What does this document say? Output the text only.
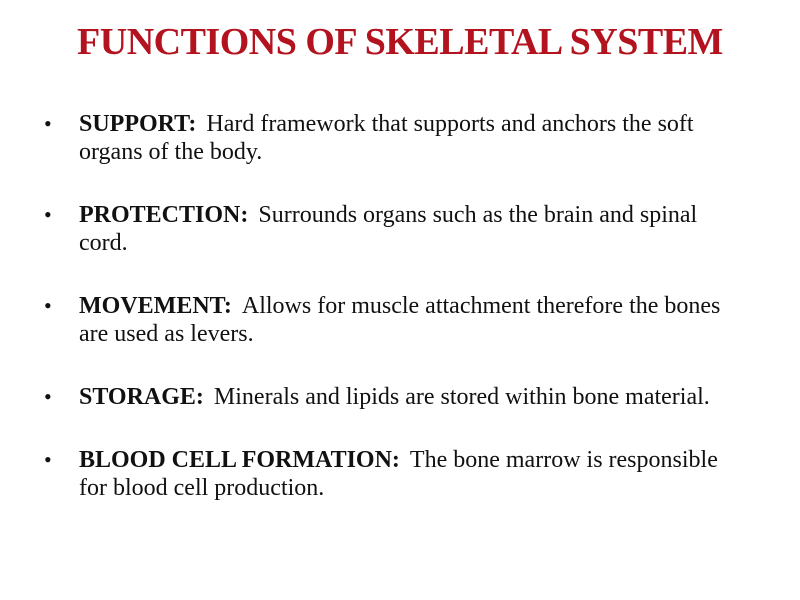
FUNCTIONS OF SKELETAL SYSTEM
• SUPPORT: Hard framework that supports and anchors the soft organs of the body.
• PROTECTION: Surrounds organs such as the brain and spinal cord.
• MOVEMENT: Allows for muscle attachment therefore the bones are used as levers.
• STORAGE: Minerals and lipids are stored within bone material.
• BLOOD CELL FORMATION: The bone marrow is responsible for blood cell production.
